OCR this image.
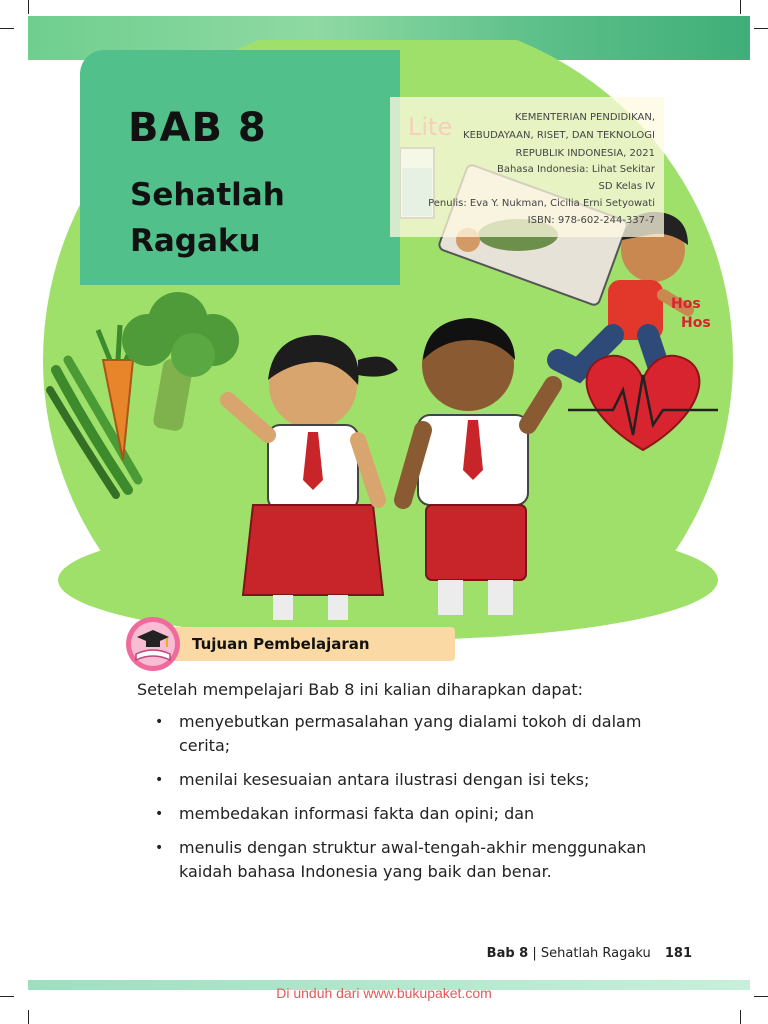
Hos
Hos
BAB 8
Sehatlah Ragaku
KEMENTERIAN PENDIDIKAN,
KEBUDAYAAN, RISET, DAN TEKNOLOGI
REPUBLIK INDONESIA, 2021
Bahasa Indonesia: Lihat Sekitar
SD Kelas IV
Penulis: Eva Y. Nukman, Cicilia Erni Setyowati
ISBN: 978-602-244-337-7
Tujuan Pembelajaran

Setelah mempelajari Bab 8 ini kalian diharapkan dapat:

• menyebutkan permasalahan yang dialami tokoh di dalam cerita;
• menilai kesesuaian antara ilustrasi dengan isi teks;
• membedakan informasi fakta dan opini; dan
• menulis dengan struktur awal-tengah-akhir menggunakan kaidah bahasa Indonesia yang baik dan benar.
Bab 8 | Sehatlah Ragaku 181
Di unduh dari www.bukupaket.com
